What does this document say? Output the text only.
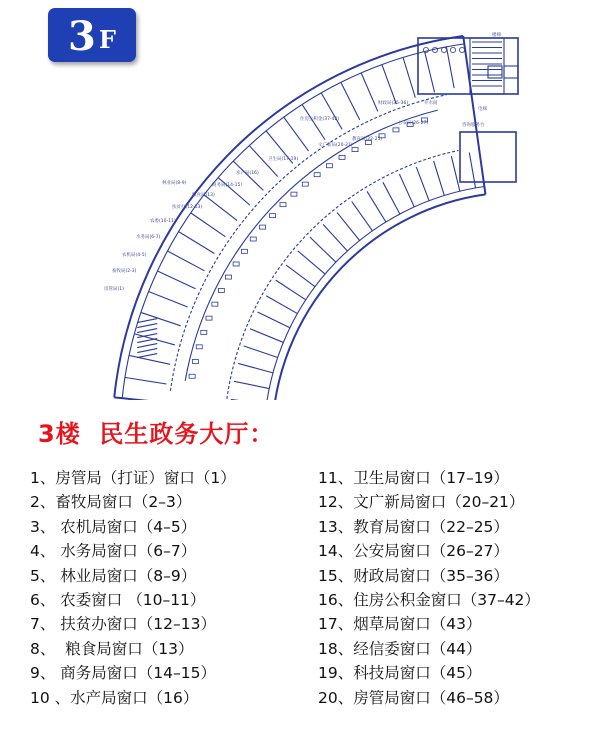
3 F	楼梯
电梯
开水间
咨询服务台
财政局(35-36)
住房公积金(37-42)
公安局(26-27)
教育局(22-25)
文广新局(20-21)
卫生局(17-19)
水产局(16)
商务局(14-15)
粮食局(13)
扶贫办(12-13)
农委(10-11)
林业局(8-9)
水务局(6-7)
农机局(4-5)
畜牧局(2-3)
房管局(1)
3楼  民生政务大厅：
1、房管局（打证）窗口（1）
2、畜牧局窗口（2–3）
3、 农机局窗口（4–5）
4、 水务局窗口（6–7）
5、 林业局窗口（8–9）
6、 农委窗口 （10–11）
7、 扶贫办窗口（12–13）
8、  粮食局窗口（13）
9、 商务局窗口（14–15）
10 、水产局窗口（16）
11、卫生局窗口（17–19）
12、文广新局窗口（20–21）
13、教育局窗口（22–25）
14、公安局窗口（26–27）
15、财政局窗口（35–36）
16、住房公积金窗口（37–42）
17、烟草局窗口（43）
18、经信委窗口（44）
19、科技局窗口（45）
20、房管局窗口（46–58）
